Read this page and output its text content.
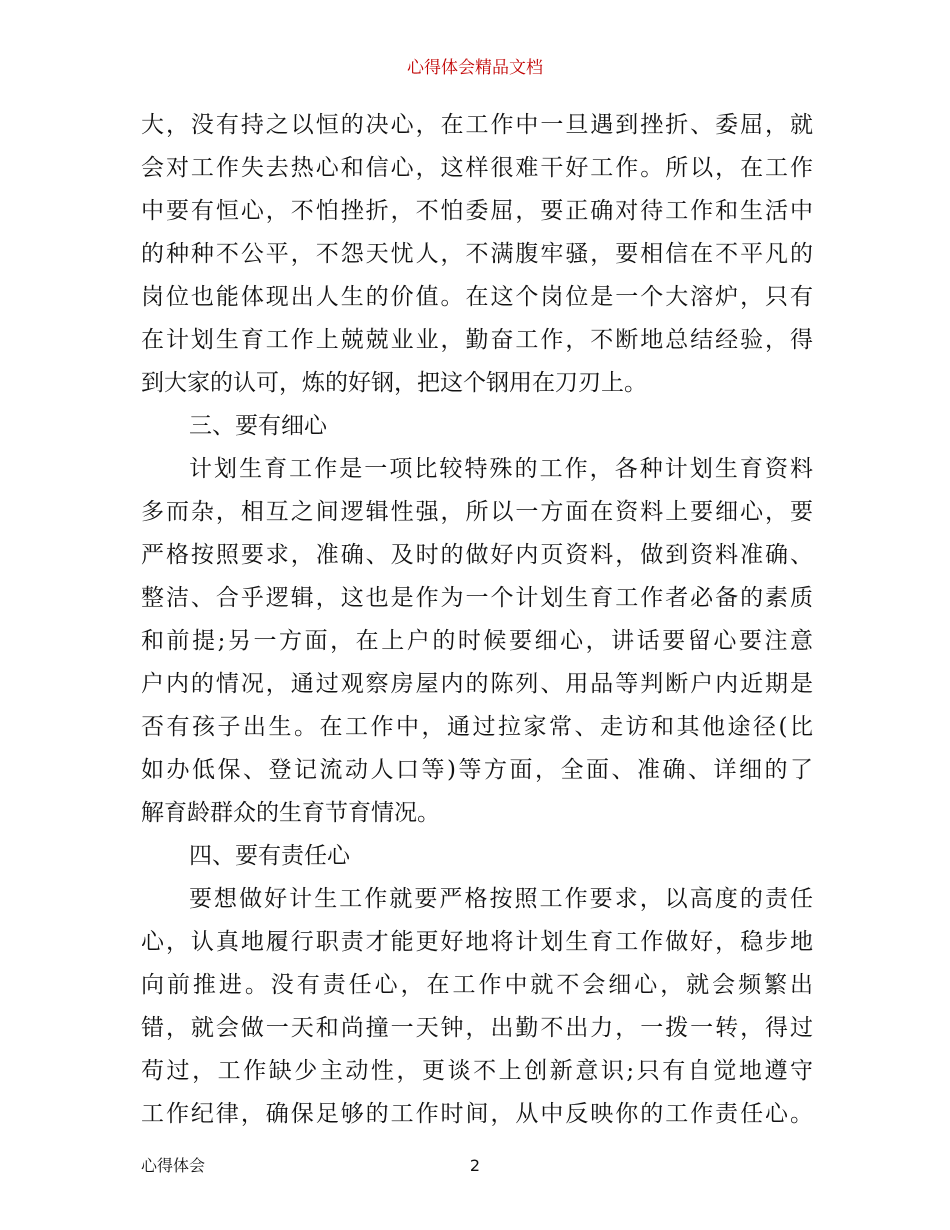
心得体会精品文档
大，没有持之以恒的决心，在工作中一旦遇到挫折、委屈，就
会对工作失去热心和信心，这样很难干好工作。所以，在工作
中要有恒心，不怕挫折，不怕委屈，要正确对待工作和生活中
的种种不公平，不怨天忧人，不满腹牢骚，要相信在不平凡的
岗位也能体现出人生的价值。在这个岗位是一个大溶炉，只有
在计划生育工作上兢兢业业，勤奋工作，不断地总结经验，得
到大家的认可，炼的好钢，把这个钢用在刀刃上。
三、要有细心
计划生育工作是一项比较特殊的工作，各种计划生育资料
多而杂，相互之间逻辑性强，所以一方面在资料上要细心，要
严格按照要求，准确、及时的做好内页资料，做到资料准确、
整洁、合乎逻辑，这也是作为一个计划生育工作者必备的素质
和前提;另一方面，在上户的时候要细心，讲话要留心要注意
户内的情况，通过观察房屋内的陈列、用品等判断户内近期是
否有孩子出生。在工作中，通过拉家常、走访和其他途径(比
如办低保、登记流动人口等)等方面，全面、准确、详细的了
解育龄群众的生育节育情况。
四、要有责任心
要想做好计生工作就要严格按照工作要求，以高度的责任
心，认真地履行职责才能更好地将计划生育工作做好，稳步地
向前推进。没有责任心，在工作中就不会细心，就会频繁出
错，就会做一天和尚撞一天钟，出勤不出力，一拨一转，得过
苟过，工作缺少主动性，更谈不上创新意识;只有自觉地遵守
工作纪律，确保足够的工作时间，从中反映你的工作责任心。
心得体会	2
